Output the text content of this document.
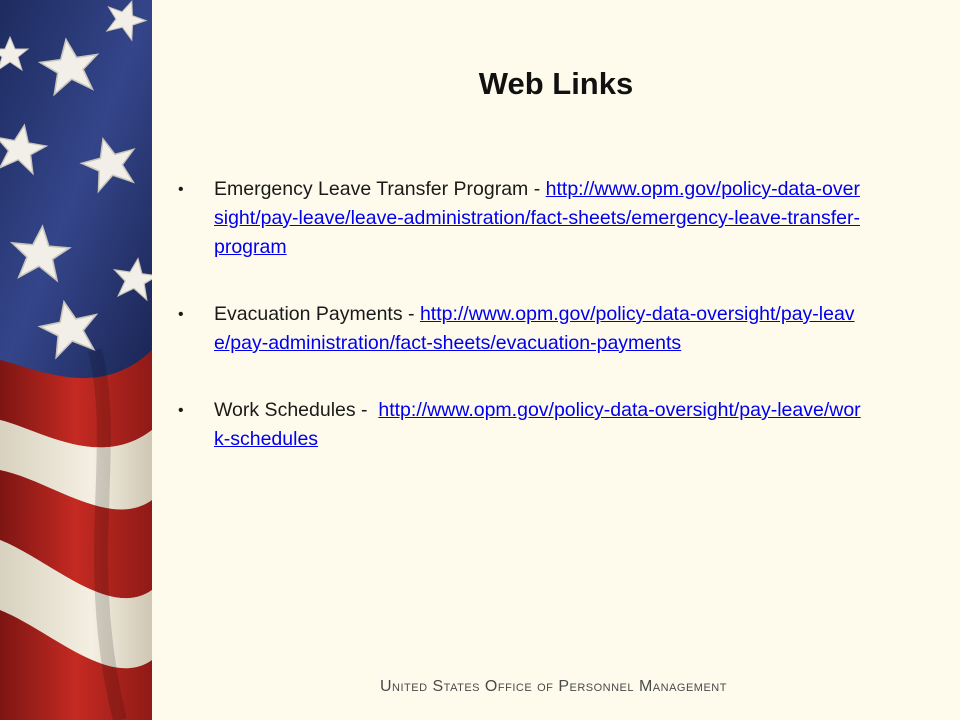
Web Links
• Emergency Leave Transfer Program - http://www.opm.gov/policy-data-oversight/pay-leave/leave-administration/fact-sheets/emergency-leave-transfer-program
• Evacuation Payments - http://www.opm.gov/policy-data-oversight/pay-leave/pay-administration/fact-sheets/evacuation-payments
• Work Schedules -  http://www.opm.gov/policy-data-oversight/pay-leave/work-schedules
United States Office of Personnel Management
